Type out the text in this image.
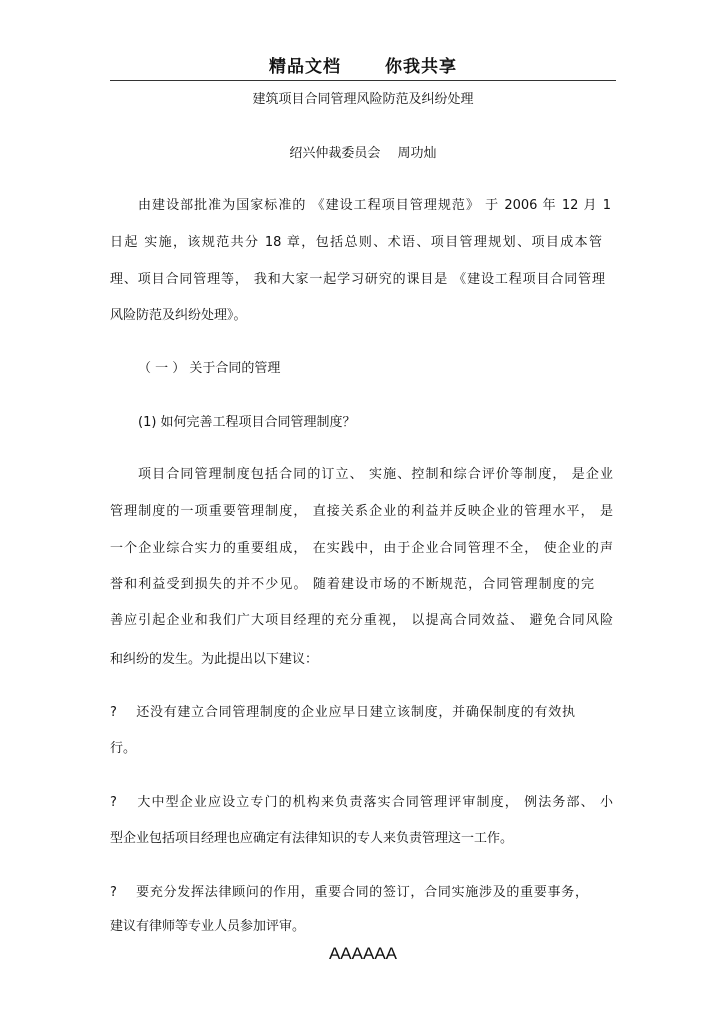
精品文档	你我共享
建筑项目合同管理风险防范及纠纷处理
绍兴仲裁委员会　 周功灿
由建设部批准为国家标准的 《建设工程项目管理规范》 于 2006 年 12 月 1
日起 实施，该规范共分 18 章，包括总则、术语、项目管理规划、项目成本管
理、项目合同管理等， 我和大家一起学习研究的课目是 《建设工程项目合同管理
风险防范及纠纷处理》。
（ 一 ） 关于合同的管理
(1) 如何完善工程项目合同管理制度？
项目合同管理制度包括合同的订立、 实施、控制和综合评价等制度， 是企业
管理制度的一项重要管理制度， 直接关系企业的利益并反映企业的管理水平， 是
一个企业综合实力的重要组成， 在实践中，由于企业合同管理不全， 使企业的声
誉和利益受到损失的并不少见。 随着建设市场的不断规范，合同管理制度的完
善应引起企业和我们广大项目经理的充分重视， 以提高合同效益、 避免合同风险
和纠纷的发生。为此提出以下建议：
?　 还没有建立合同管理制度的企业应早日建立该制度，并确保制度的有效执
行。
?　 大中型企业应设立专门的机构来负责落实合同管理评审制度， 例法务部、 小
型企业包括项目经理也应确定有法律知识的专人来负责管理这一工作。
?　 要充分发挥法律顾问的作用，重要合同的签订，合同实施涉及的重要事务，
建议有律师等专业人员参加评审。
AAAAAA
